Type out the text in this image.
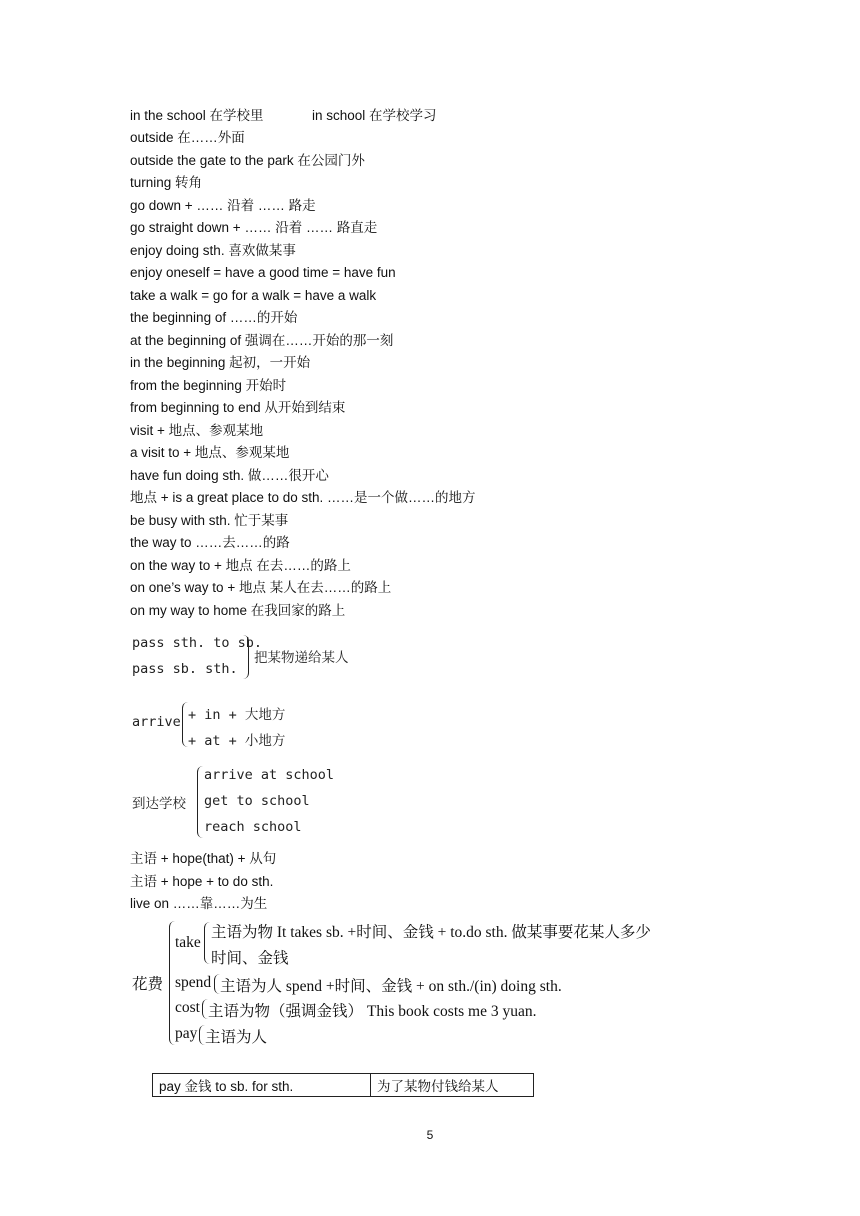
in the school 在学校里	in school 在学校学习
outside 在……外面
outside the gate to the park 在公园门外
turning 转角
go down + …… 沿着 …… 路走
go straight down + …… 沿着 …… 路直走
enjoy doing sth. 喜欢做某事
enjoy oneself = have a good time = have fun
take a walk = go for a walk = have a walk
the beginning of ……的开始
at the beginning of 强调在……开始的那一刻
in the beginning 起初，一开始
from the beginning 开始时
from beginning to end 从开始到结束
visit + 地点、参观某地
a visit to + 地点、参观某地
have fun doing sth. 做……很开心
地点 + is a great place to do sth. ……是一个做……的地方
be busy with sth. 忙于某事
the way to ……去……的路
on the way to + 地点 在去……的路上
on one’s way to + 地点 某人在去……的路上
on my way to home 在我回家的路上
pass sth. to sb.
pass sb. sth.
把某物递给某人
arrive + in + 大地方
+ at + 小地方
到达学校
arrive at school
get to school
reach school
主语 + hope(that) + 从句
主语 + hope + to do sth.
live on ……靠……为生
花费
take
主语为物 It takes sb. +时间、金钱 + to.do sth. 做某事要花某人多少
时间、金钱
spend 主语为人 spend +时间、金钱 + on sth./(in) doing sth.
cost 主语为物（强调金钱） This book costs me 3 yuan.
pay 主语为人
pay 金钱 to sb. for sth.	为了某物付钱给某人
5
